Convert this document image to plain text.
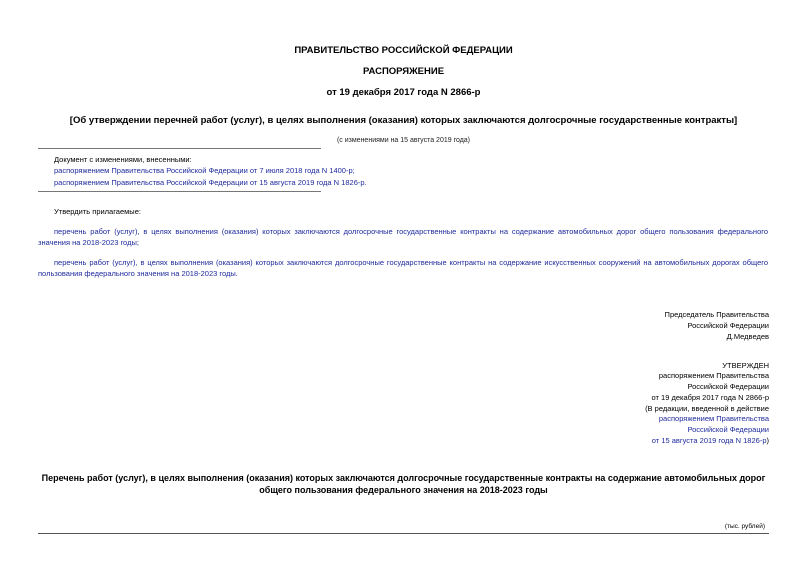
ПРАВИТЕЛЬСТВО РОССИЙСКОЙ ФЕДЕРАЦИИ
РАСПОРЯЖЕНИЕ
от 19 декабря 2017 года N 2866-р
[Об утверждении перечней работ (услуг), в целях выполнения (оказания) которых заключаются долгосрочные государственные контракты]
(с изменениями на 15 августа 2019 года)
Документ с изменениями, внесенными:
распоряжением Правительства Российской Федерации от 7 июля 2018 года N 1400-р;
распоряжением Правительства Российской Федерации от 15 августа 2019 года N 1826-р.
Утвердить прилагаемые:
перечень работ (услуг), в целях выполнения (оказания) которых заключаются долгосрочные государственные контракты на содержание автомобильных дорог общего пользования федерального значения на 2018-2023 годы;
перечень работ (услуг), в целях выполнения (оказания) которых заключаются долгосрочные государственные контракты на содержание искусственных сооружений на автомобильных дорогах общего пользования федерального значения на 2018-2023 годы.
Председатель Правительства
Российской Федерации
Д.Медведев
УТВЕРЖДЕН
распоряжением Правительства
Российской Федерации
от 19 декабря 2017 года N 2866-р
(В редакции, введенной в действие
распоряжением Правительства
Российской Федерации
от 15 августа 2019 года N 1826-р)
Перечень работ (услуг), в целях выполнения (оказания) которых заключаются долгосрочные государственные контракты на содержание автомобильных дорог общего пользования федерального значения на 2018-2023 годы
(тыс. рублей)
